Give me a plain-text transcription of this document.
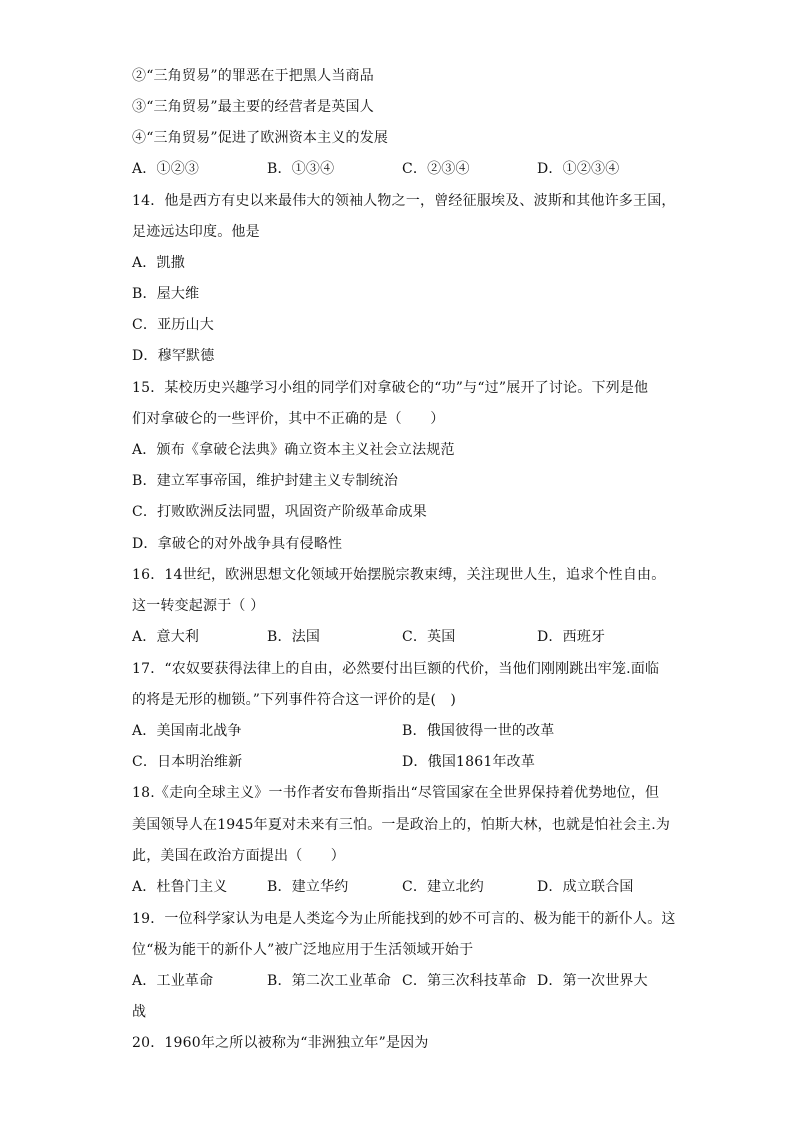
②“三角贸易”的罪恶在于把黑人当商品
③“三角贸易”最主要的经营者是英国人
④“三角贸易”促进了欧洲资本主义的发展
A．①②③	B．①③④	C．②③④	D．①②③④
14．他是西方有史以来最伟大的领袖人物之一，曾经征服埃及、波斯和其他许多王国，
足迹远达印度。他是
A．凯撒
B．屋大维
C．亚历山大
D．穆罕默德
15．某校历史兴趣学习小组的同学们对拿破仑的“功”与“过”展开了讨论。下列是他
们对拿破仑的一些评价，其中不正确的是（　　）
A．颁布《拿破仑法典》确立资本主义社会立法规范
B．建立军事帝国，维护封建主义专制统治
C．打败欧洲反法同盟，巩固资产阶级革命成果
D．拿破仑的对外战争具有侵略性
16．14世纪，欧洲思想文化领域开始摆脱宗教束缚，关注现世人生，追求个性自由。
这一转变起源于（ ）
A．意大利	B．法国	C．英国	D．西班牙
17．“农奴要获得法律上的自由，必然要付出巨额的代价，当他们刚刚跳出牢笼.面临
的将是无形的枷锁。”下列事件符合这一评价的是(　)
A．美国南北战争	B．俄国彼得一世的改革
C．日本明治维新	D．俄国1861年改革
18.《走向全球主义》一书作者安布鲁斯指出“尽管国家在全世界保持着优势地位，但
美国领导人在1945年夏对未来有三怕。一是政治上的，怕斯大林，也就是怕社会主.为
此，美国在政治方面提出（　　）
A．杜鲁门主义	B．建立华约	C．建立北约	D．成立联合国
19．一位科学家认为电是人类迄今为止所能找到的妙不可言的、极为能干的新仆人。这
位“极为能干的新仆人”被广泛地应用于生活领域开始于
A．工业革命	B．第二次工业革命 C．第三次科技革命 D．第一次世界大
战
20．1960年之所以被称为“非洲独立年”是因为
